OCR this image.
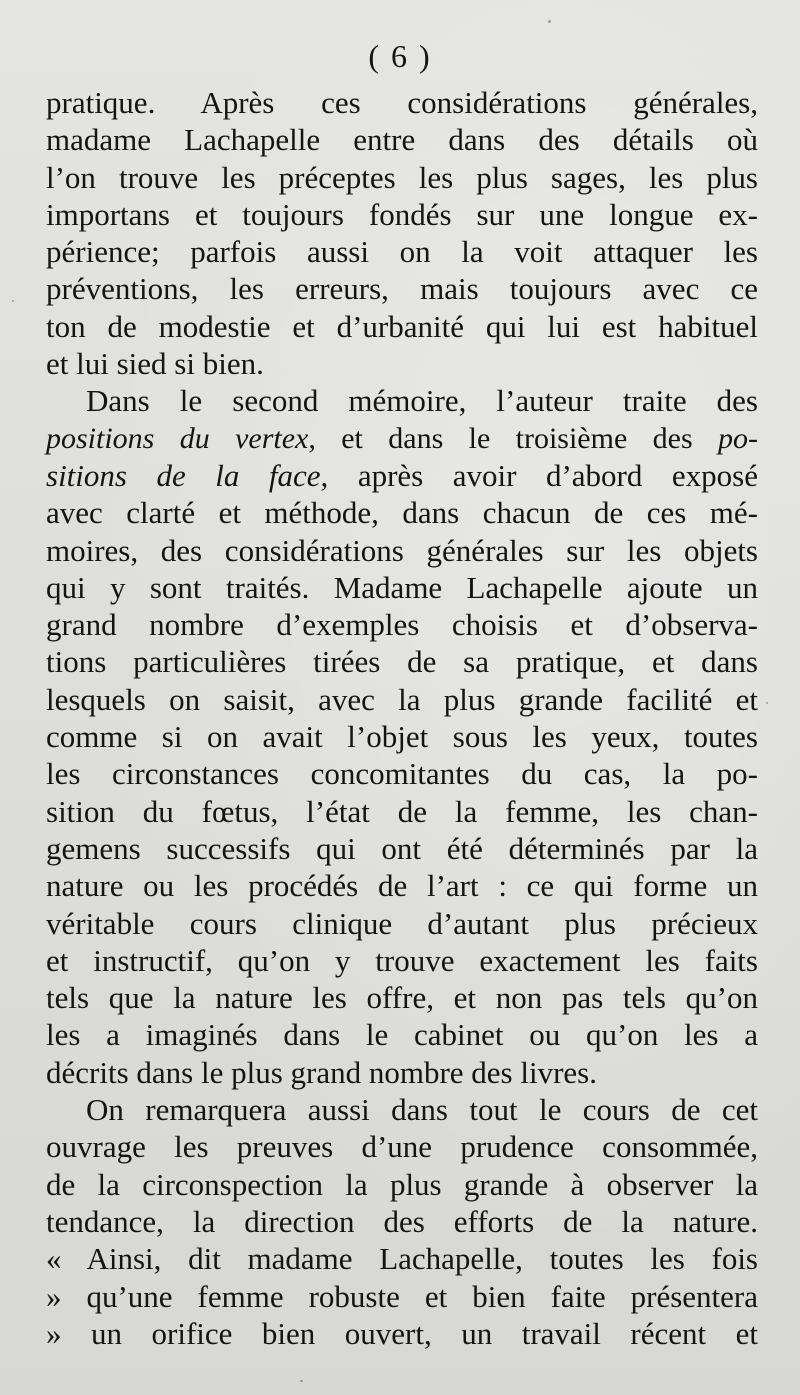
( 6 )
pratique. Après ces considérations générales,
madame Lachapelle entre dans des détails où
l’on trouve les préceptes les plus sages, les plus
importans et toujours fondés sur une longue ex-
périence; parfois aussi on la voit attaquer les
préventions, les erreurs, mais toujours avec ce
ton de modestie et d’urbanité qui lui est habituel
et lui sied si bien.
Dans le second mémoire, l’auteur traite des
positions du vertex, et dans le troisième des po-
sitions de la face, après avoir d’abord exposé
avec clarté et méthode, dans chacun de ces mé-
moires, des considérations générales sur les objets
qui y sont traités. Madame Lachapelle ajoute un
grand nombre d’exemples choisis et d’observa-
tions particulières tirées de sa pratique, et dans
lesquels on saisit, avec la plus grande facilité et
comme si on avait l’objet sous les yeux, toutes
les circonstances concomitantes du cas, la po-
sition du fœtus, l’état de la femme, les chan-
gemens successifs qui ont été déterminés par la
nature ou les procédés de l’art : ce qui forme un
véritable cours clinique d’autant plus précieux
et instructif, qu’on y trouve exactement les faits
tels que la nature les offre, et non pas tels qu’on
les a imaginés dans le cabinet ou qu’on les a
décrits dans le plus grand nombre des livres.
On remarquera aussi dans tout le cours de cet
ouvrage les preuves d’une prudence consommée,
de la circonspection la plus grande à observer la
tendance, la direction des efforts de la nature.
« Ainsi, dit madame Lachapelle, toutes les fois
» qu’une femme robuste et bien faite présentera
» un orifice bien ouvert, un travail récent et
